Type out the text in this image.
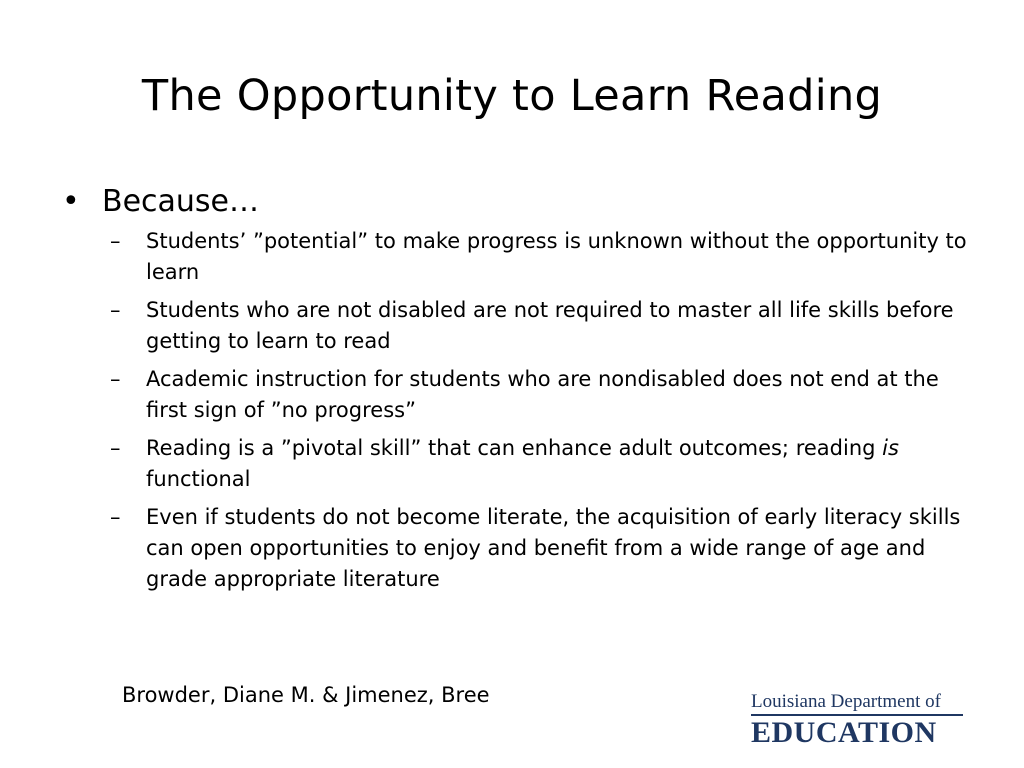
The Opportunity to Learn Reading
• Because…
– Students’ ”potential” to make progress is unknown without the opportunity to learn
– Students who are not disabled are not required to master all life skills before getting to learn to read
– Academic instruction for students who are nondisabled does not end at the first sign of ”no progress”
– Reading is a ”pivotal skill” that can enhance adult outcomes; reading is functional
– Even if students do not become literate, the acquisition of early literacy skills can open opportunities to enjoy and benefit from a wide range of age and grade appropriate literature
Browder, Diane M. & Jimenez, Bree	Louisiana Department of
EDUCATION
